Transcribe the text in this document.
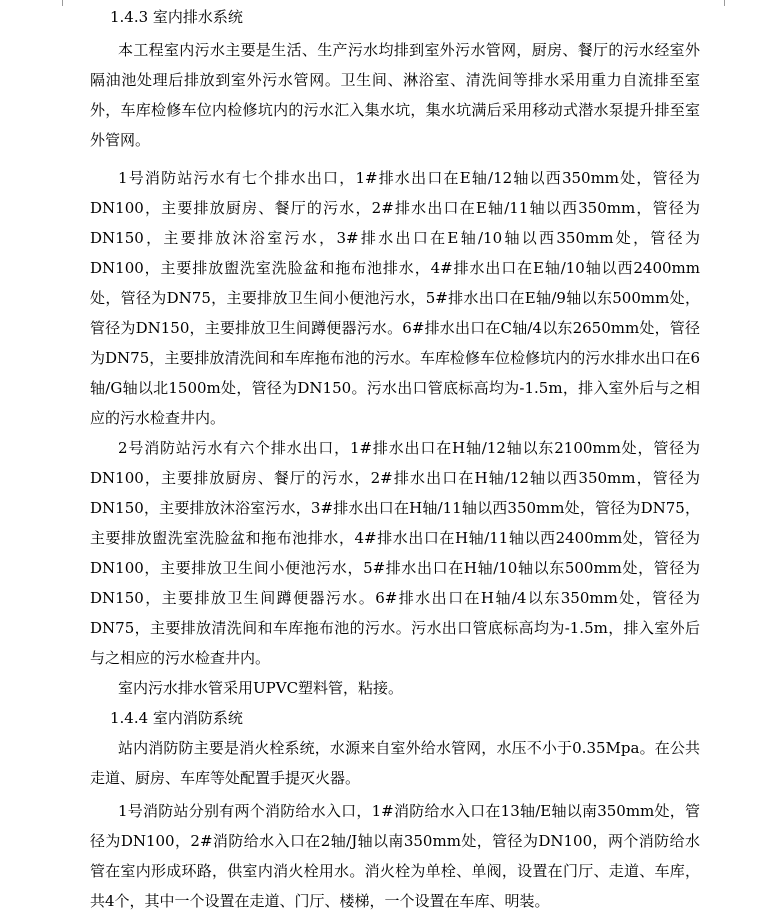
1.4.3 室内排水系统

本工程室内污水主要是生活、生产污水均排到室外污水管网，厨房、餐厅的污水经室外隔油池处理后排放到室外污水管网。卫生间、淋浴室、清洗间等排水采用重力自流排至室外，车库检修车位内检修坑内的污水汇入集水坑，集水坑满后采用移动式潜水泵提升排至室外管网。

1号消防站污水有七个排水出口，1#排水出口在E轴/12轴以西350mm处，管径为DN100，主要排放厨房、餐厅的污水，2#排水出口在E轴/11轴以西350mm，管径为DN150，主要排放沐浴室污水，3#排水出口在E轴/10轴以西350mm处，管径为DN100，主要排放盥洗室洗脸盆和拖布池排水，4#排水出口在E轴/10轴以西2400mm处，管径为DN75，主要排放卫生间小便池污水，5#排水出口在E轴/9轴以东500mm处，管径为DN150，主要排放卫生间蹲便器污水。6#排水出口在C轴/4以东2650mm处，管径为DN75，主要排放清洗间和车库拖布池的污水。车库检修车位检修坑内的污水排水出口在6轴/G轴以北1500m处，管径为DN150。污水出口管底标高均为-1.5m，排入室外后与之相应的污水检查井内。

2号消防站污水有六个排水出口，1#排水出口在H轴/12轴以东2100mm处，管径为DN100，主要排放厨房、餐厅的污水，2#排水出口在H轴/12轴以西350mm，管径为DN150，主要排放沐浴室污水，3#排水出口在H轴/11轴以西350mm处，管径为DN75，主要排放盥洗室洗脸盆和拖布池排水，4#排水出口在H轴/11轴以西2400mm处，管径为DN100，主要排放卫生间小便池污水，5#排水出口在H轴/10轴以东500mm处，管径为DN150，主要排放卫生间蹲便器污水。6#排水出口在H轴/4以东350mm处，管径为DN75，主要排放清洗间和车库拖布池的污水。污水出口管底标高均为-1.5m，排入室外后与之相应的污水检查井内。

室内污水排水管采用UPVC塑料管，粘接。

1.4.4 室内消防系统

站内消防防主要是消火栓系统，水源来自室外给水管网，水压不小于0.35Mpa。在公共走道、厨房、车库等处配置手提灭火器。

1号消防站分别有两个消防给水入口，1#消防给水入口在13轴/E轴以南350mm处，管径为DN100，2#消防给水入口在2轴/J轴以南350mm处，管径为DN100，两个消防给水管在室内形成环路，供室内消火栓用水。消火栓为单栓、单阀，设置在门厅、走道、车库，共4个，其中一个设置在走道、门厅、楼梯，一个设置在车库、明装。
